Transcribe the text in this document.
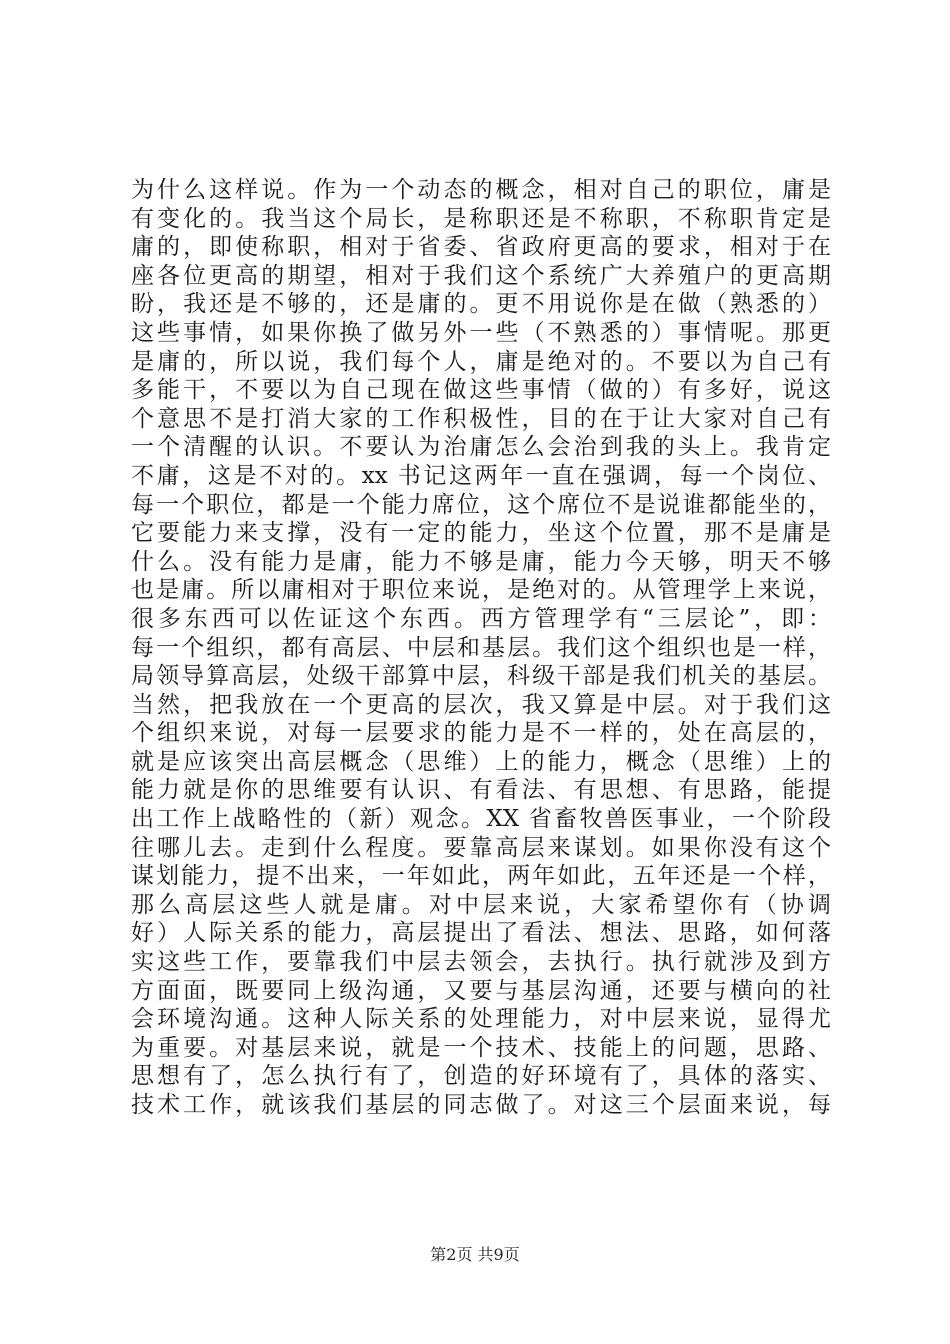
为什么这样说。作为一个动态的概念，相对自己的职位，庸是
有变化的。我当这个局长，是称职还是不称职，不称职肯定是
庸的，即使称职，相对于省委、省政府更高的要求，相对于在
座各位更高的期望，相对于我们这个系统广大养殖户的更高期
盼，我还是不够的，还是庸的。更不用说你是在做（熟悉的）
这些事情，如果你换了做另外一些（不熟悉的）事情呢。那更
是庸的，所以说，我们每个人，庸是绝对的。不要以为自己有
多能干，不要以为自己现在做这些事情（做的）有多好，说这
个意思不是打消大家的工作积极性，目的在于让大家对自己有
一个清醒的认识。不要认为治庸怎么会治到我的头上。我肯定
不庸，这是不对的。xx 书记这两年一直在强调，每一个岗位、
每一个职位，都是一个能力席位，这个席位不是说谁都能坐的，
它要能力来支撑，没有一定的能力，坐这个位置，那不是庸是
什么。没有能力是庸，能力不够是庸，能力今天够，明天不够
也是庸。所以庸相对于职位来说，是绝对的。从管理学上来说，
很多东西可以佐证这个东西。西方管理学有“三层论”，即：
每一个组织，都有高层、中层和基层。我们这个组织也是一样，
局领导算高层，处级干部算中层，科级干部是我们机关的基层。
当然，把我放在一个更高的层次，我又算是中层。对于我们这
个组织来说，对每一层要求的能力是不一样的，处在高层的，
就是应该突出高层概念（思维）上的能力，概念（思维）上的
能力就是你的思维要有认识、有看法、有思想、有思路，能提
出工作上战略性的（新）观念。XX 省畜牧兽医事业，一个阶段
往哪儿去。走到什么程度。要靠高层来谋划。如果你没有这个
谋划能力，提不出来，一年如此，两年如此，五年还是一个样，
那么高层这些人就是庸。对中层来说，大家希望你有（协调
好）人际关系的能力，高层提出了看法、想法、思路，如何落
实这些工作，要靠我们中层去领会，去执行。执行就涉及到方
方面面，既要同上级沟通，又要与基层沟通，还要与横向的社
会环境沟通。这种人际关系的处理能力，对中层来说，显得尤
为重要。对基层来说，就是一个技术、技能上的问题，思路、
思想有了，怎么执行有了，创造的好环境有了，具体的落实、
技术工作，就该我们基层的同志做了。对这三个层面来说，每
第2页 共9页
